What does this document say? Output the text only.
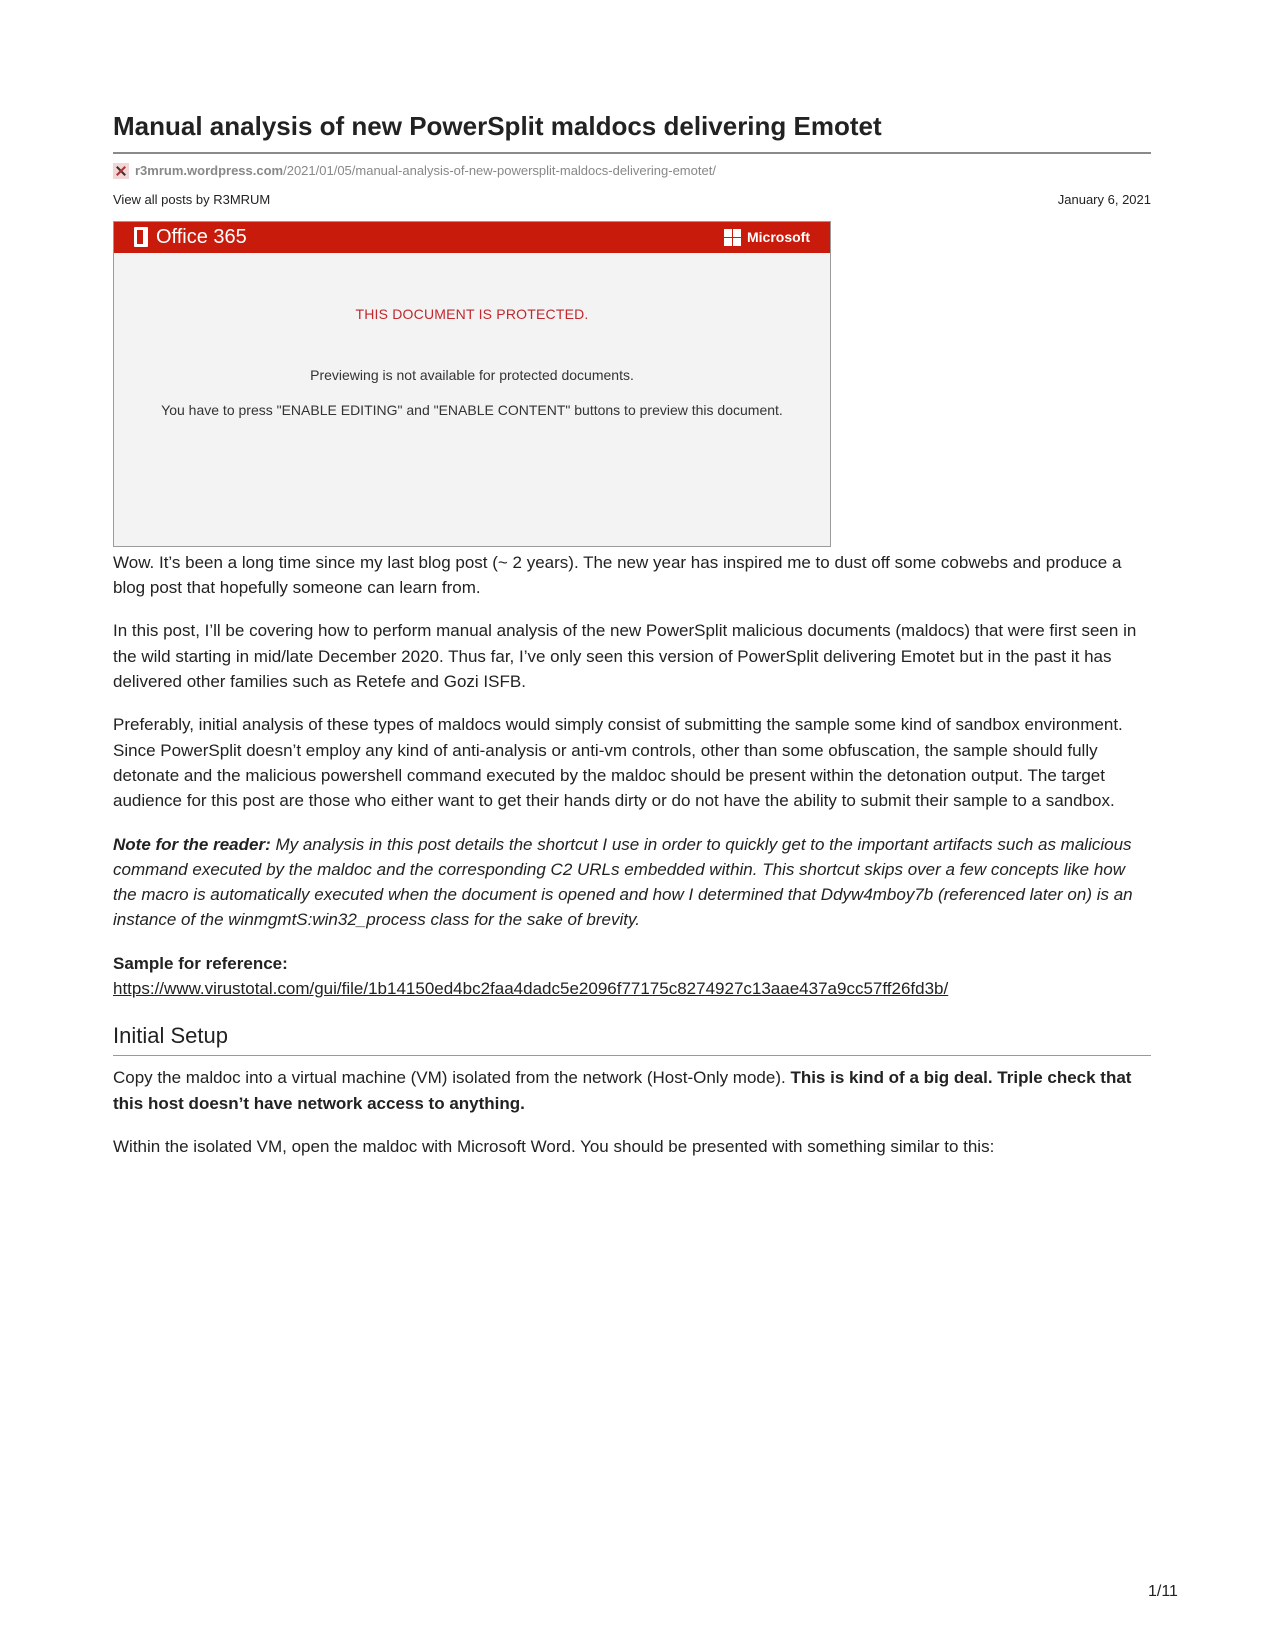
Manual analysis of new PowerSplit maldocs delivering Emotet
r3mrum.wordpress.com /2021/01/05/manual-analysis-of-new-powersplit-maldocs-delivering-emotet/
View all posts by R3MRUM	January 6, 2021
Office 365	Microsoft
THIS DOCUMENT IS PROTECTED.
Previewing is not available for protected documents.
You have to press "ENABLE EDITING" and "ENABLE CONTENT" buttons to preview this document.

Wow. It’s been a long time since my last blog post (~ 2 years). The new year has inspired me to dust off some cobwebs and produce a blog post that hopefully someone can learn from.

In this post, I’ll be covering how to perform manual analysis of the new PowerSplit malicious documents (maldocs) that were first seen in the wild starting in mid/late December 2020. Thus far, I’ve only seen this version of PowerSplit delivering Emotet but in the past it has delivered other families such as Retefe and Gozi ISFB.

Preferably, initial analysis of these types of maldocs would simply consist of submitting the sample some kind of sandbox environment. Since PowerSplit doesn’t employ any kind of anti-analysis or anti-vm controls, other than some obfuscation, the sample should fully detonate and the malicious powershell command executed by the maldoc should be present within the detonation output. The target audience for this post are those who either want to get their hands dirty or do not have the ability to submit their sample to a sandbox.

Note for the reader: My analysis in this post details the shortcut I use in order to quickly get to the important artifacts such as malicious command executed by the maldoc and the corresponding C2 URLs embedded within. This shortcut skips over a few concepts like how the macro is automatically executed when the document is opened and how I determined that Ddyw4mboy7b (referenced later on) is an instance of the winmgmtS:win32_process class for the sake of brevity.

Sample for reference:
https://www.virustotal.com/gui/file/1b14150ed4bc2faa4dadc5e2096f77175c8274927c13aae437a9cc57ff26fd3b/

Initial Setup

Copy the maldoc into a virtual machine (VM) isolated from the network (Host-Only mode). This is kind of a big deal. Triple check that this host doesn’t have network access to anything.

Within the isolated VM, open the maldoc with Microsoft Word. You should be presented with something similar to this:

1/11
